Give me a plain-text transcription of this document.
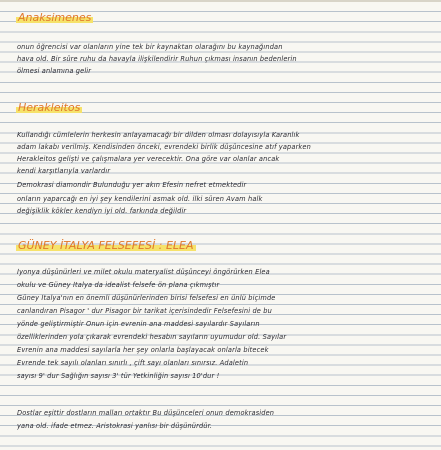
Anaksimenes
onun öğrencisi var olanların yine tek bir kaynaktan olarağını bu kaynağından
hava old. Bir süre ruhu da havayla ilişkilendirir Ruhun çıkması insanın bedenlerin
ölmesi anlamına gelir
Herakleitos
Kullandığı cümlelerin herkesin anlayamacağı bir dilden olması dolayısıyla Karanlık
adam lakabı verilmiş. Kendisinden önceki, evrendeki birlik düşüncesine atıf yaparken
Herakleitos gelişti ve çalışmalara yer verecektir. Ona göre var olanlar ancak
kendi karşıtlarıyla varlardır
Demokrasi diamondir Bulunduğu yer akın Efesin nefret etmektedir
onların yaparcağı en iyi şey kendilerini asmak old. ilki süren Avam halk
değişiklik kökler kendiyn iyi old. farkında değildir
GÜNEY İTALYA FELSEFESİ : ELEA
İyonya düşünürleri ve milet okulu materyalist düşünceyi öngörürken Elea
okulu ve Güney İtalya da idealist felsefe ön plana çıkmıştır
Güney İtalya'nın en önemli düşünürlerinden birisi felsefesi en ünlü biçimde
canlandıran Pisagor ' dur Pisagor bir tarikat içerisindedir Felsefesini de bu
yönde geliştirmiştir Onun için evrenin ana maddesi sayılardır Sayıların
özelliklerinden yola çıkarak evrendeki hesabın sayıların uyumudur old. Sayılar
Evrenin ana maddesi sayılarla her şey onlarla başlayacak onlarla bitecek
Evrende tek sayılı olanları sınırlı , çift sayı olanları sınırsız. Adaletin
sayısı 9' dur Sağlığın sayısı 3' tür Yetkinliğin sayısı 10'dur !
Dostlar eşittir dostların malları ortaktır Bu düşünceleri onun demokrasiden
yana old. ifade etmez. Aristokrasi yanlısı bir düşünürdür.
